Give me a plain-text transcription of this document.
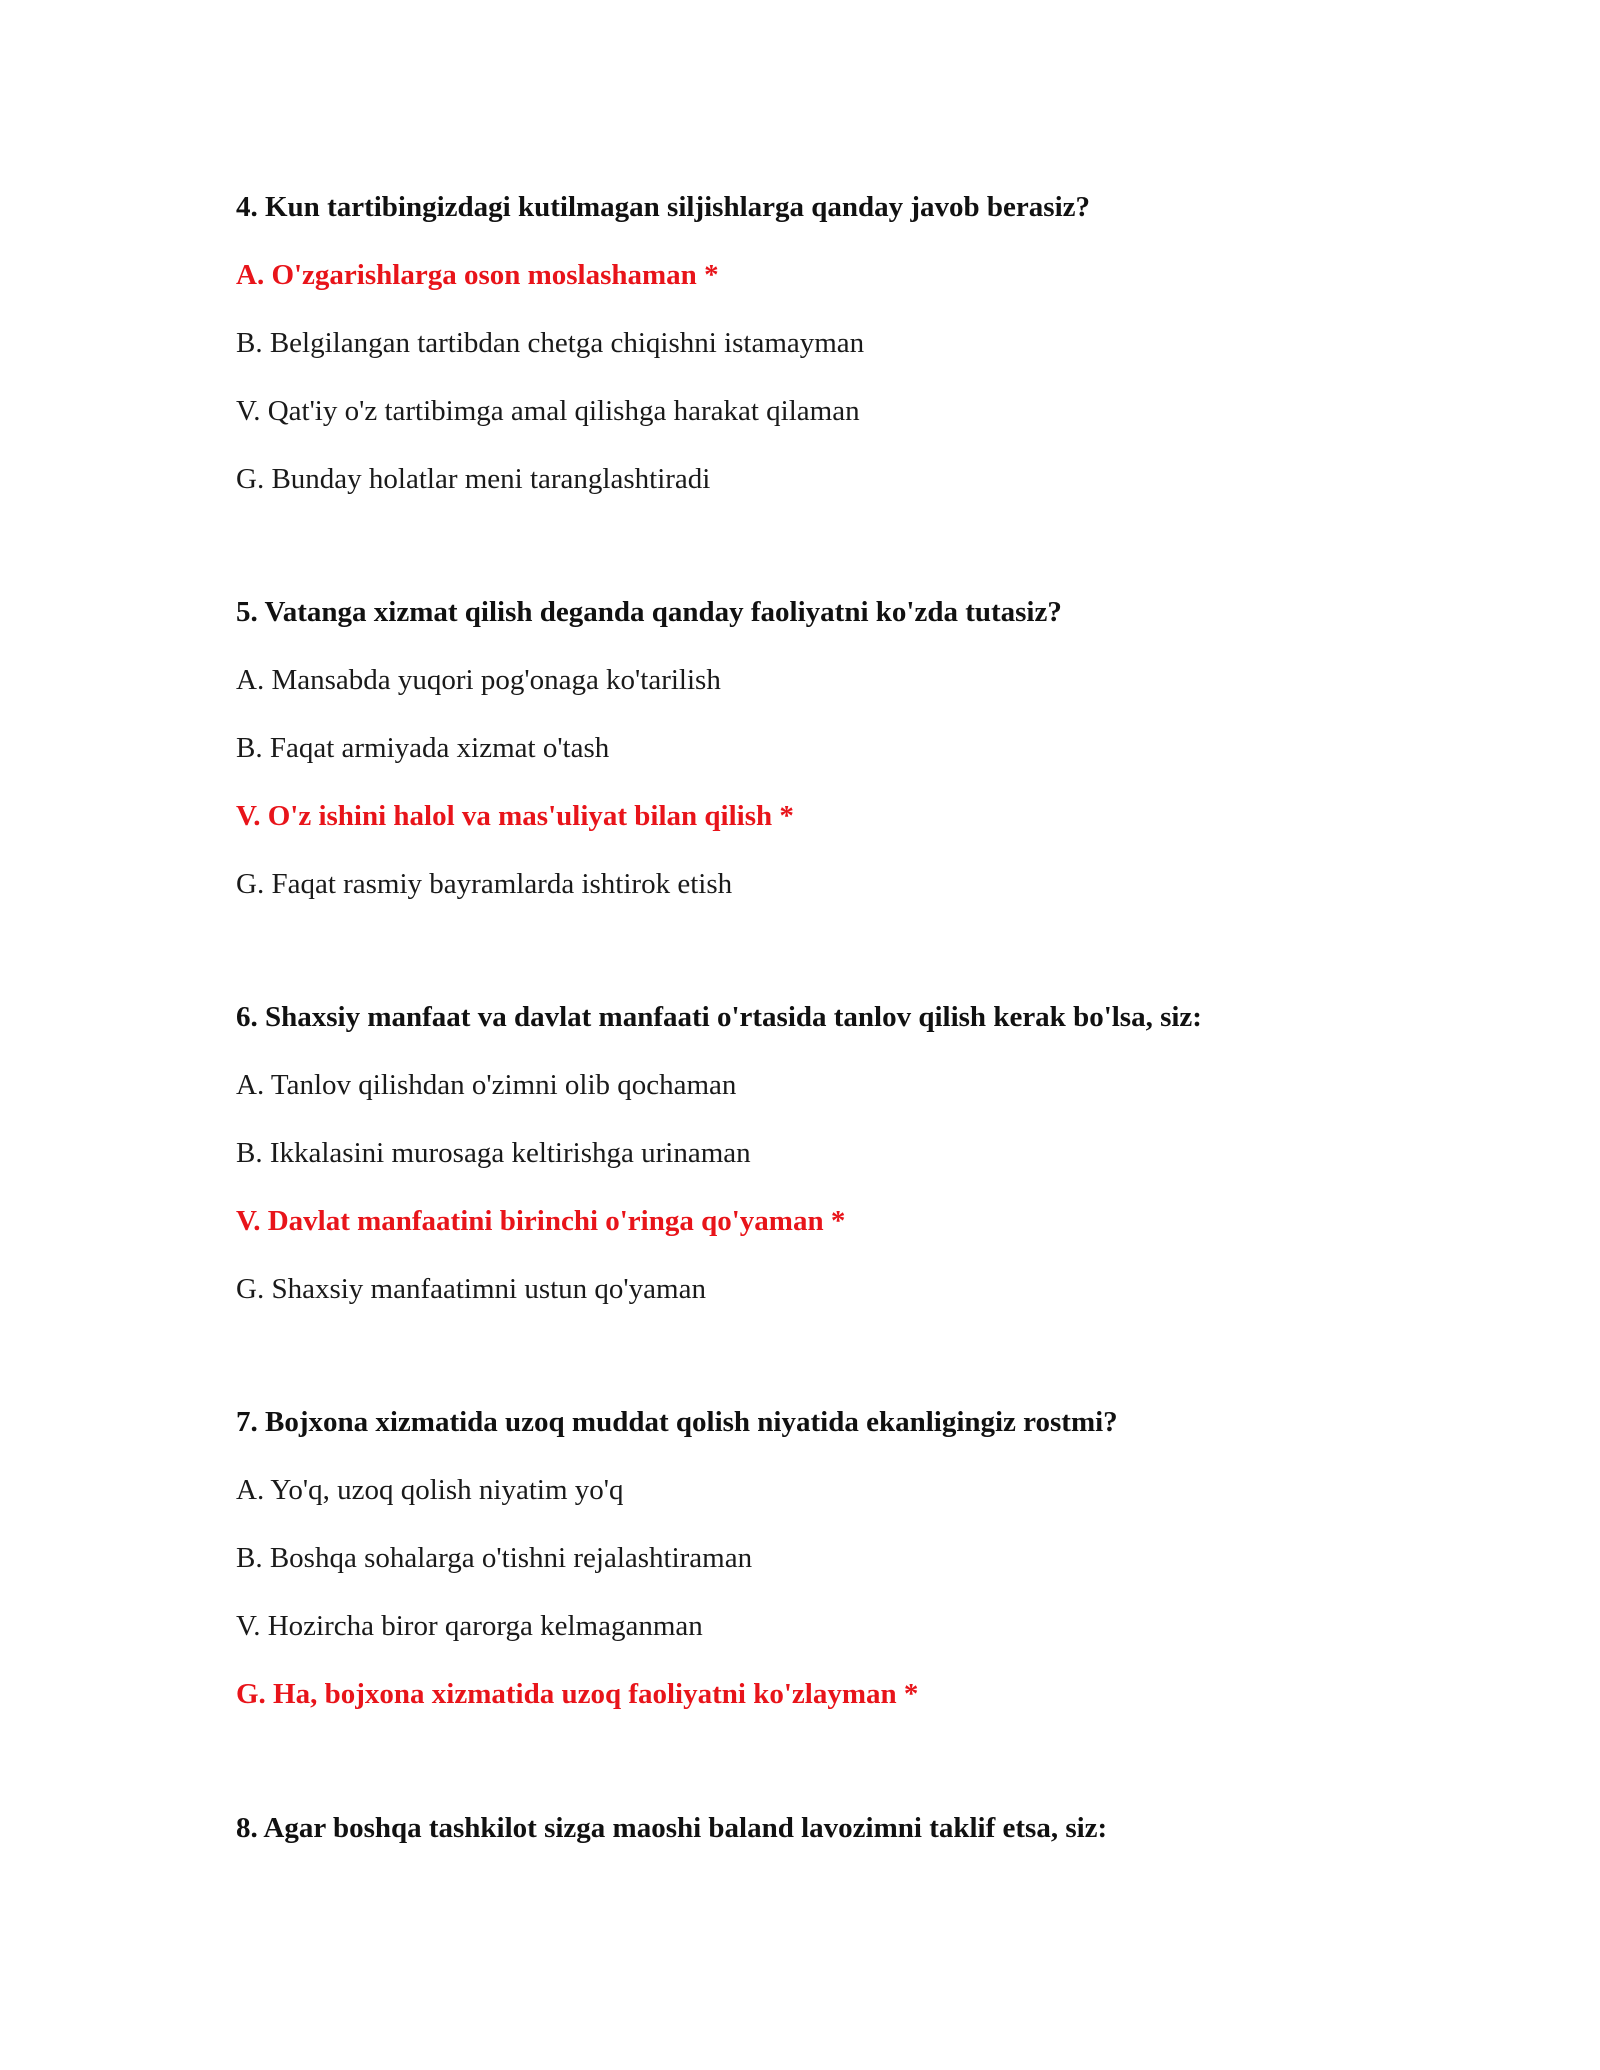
4. Kun tartibingizdagi kutilmagan siljishlarga qanday javob berasiz?
A. O'zgarishlarga oson moslashaman *
B. Belgilangan tartibdan chetga chiqishni istamayman
V. Qat'iy o'z tartibimga amal qilishga harakat qilaman
G. Bunday holatlar meni taranglashtiradi
5. Vatanga xizmat qilish deganda qanday faoliyatni ko'zda tutasiz?
A. Mansabda yuqori pog'onaga ko'tarilish
B. Faqat armiyada xizmat o'tash
V. O'z ishini halol va mas'uliyat bilan qilish *
G. Faqat rasmiy bayramlarda ishtirok etish
6. Shaxsiy manfaat va davlat manfaati o'rtasida tanlov qilish kerak bo'lsa, siz:
A. Tanlov qilishdan o'zimni olib qochaman
B. Ikkalasini murosaga keltirishga urinaman
V. Davlat manfaatini birinchi o'ringa qo'yaman *
G. Shaxsiy manfaatimni ustun qo'yaman
7. Bojxona xizmatida uzoq muddat qolish niyatida ekanligingiz rostmi?
A. Yo'q, uzoq qolish niyatim yo'q
B. Boshqa sohalarga o'tishni rejalashtiraman
V. Hozircha biror qarorga kelmaganman
G. Ha, bojxona xizmatida uzoq faoliyatni ko'zlayman *
8. Agar boshqa tashkilot sizga maoshi baland lavozimni taklif etsa, siz:
